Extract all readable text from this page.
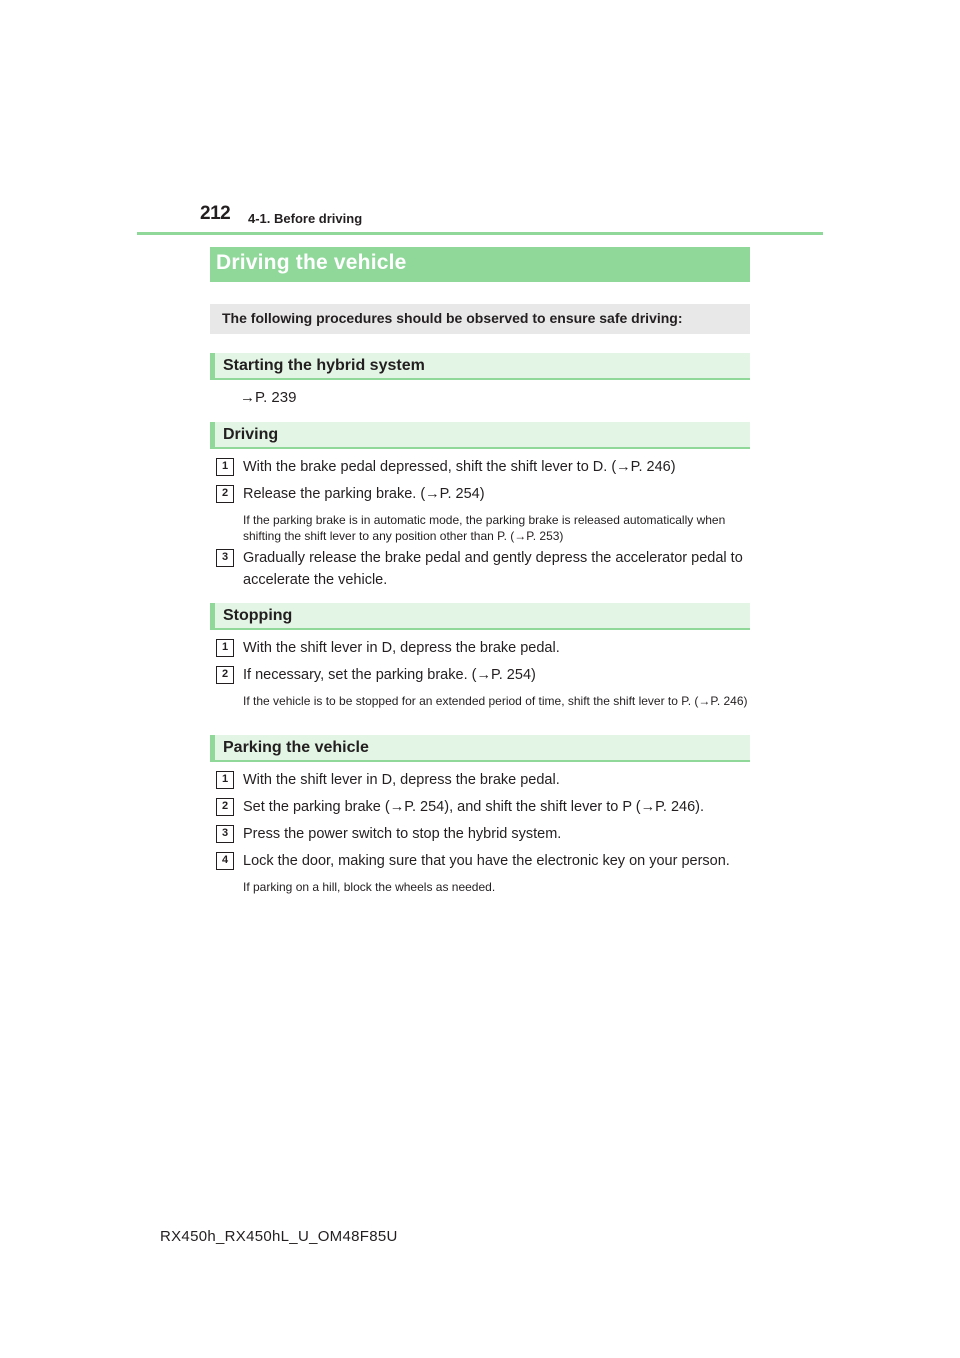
212 4-1. Before driving
Driving the vehicle
The following procedures should be observed to ensure safe driving:
Starting the hybrid system
→P. 239
Driving
1	With the brake pedal depressed, shift the shift lever to D. (→P. 246)
2	Release the parking brake. (→P. 254)
If the parking brake is in automatic mode, the parking brake is released automatically when shifting the shift lever to any position other than P. (→P. 253)
3	Gradually release the brake pedal and gently depress the accelerator pedal to accelerate the vehicle.
Stopping
1	With the shift lever in D, depress the brake pedal.
2	If necessary, set the parking brake. (→P. 254)
If the vehicle is to be stopped for an extended period of time, shift the shift lever to P. (→P. 246)
Parking the vehicle
1	With the shift lever in D, depress the brake pedal.
2	Set the parking brake (→P. 254), and shift the shift lever to P (→P. 246).
3	Press the power switch to stop the hybrid system.
4	Lock the door, making sure that you have the electronic key on your person.
If parking on a hill, block the wheels as needed.
RX450h_RX450hL_U_OM48F85U
